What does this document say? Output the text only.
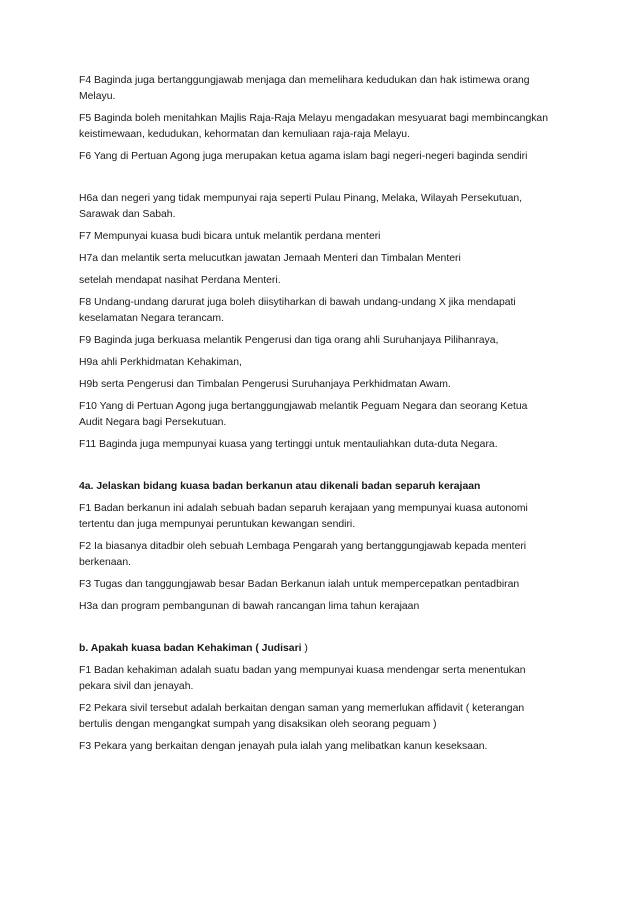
F4 Baginda juga bertanggungjawab menjaga dan memelihara kedudukan dan hak istimewa orang
Melayu.

F5 Baginda boleh menitahkan Majlis Raja-Raja Melayu mengadakan mesyuarat bagi membincangkan
keistimewaan, kedudukan, kehormatan dan kemuliaan raja-raja Melayu.

F6 Yang di Pertuan Agong juga merupakan ketua agama islam bagi negeri-negeri baginda sendiri

H6a dan negeri yang tidak mempunyai raja seperti Pulau Pinang, Melaka, Wilayah Persekutuan,
Sarawak dan Sabah.

F7 Mempunyai kuasa budi bicara untuk melantik perdana menteri

H7a dan melantik serta melucutkan jawatan Jemaah Menteri dan Timbalan Menteri

setelah mendapat nasihat Perdana Menteri.

F8 Undang-undang darurat juga boleh diisytiharkan di bawah undang-undang X jika mendapati
keselamatan Negara terancam.

F9 Baginda juga berkuasa melantik Pengerusi dan tiga orang ahli Suruhanjaya Pilihanraya,

H9a ahli Perkhidmatan Kehakiman,

H9b serta Pengerusi dan Timbalan Pengerusi Suruhanjaya Perkhidmatan Awam.

F10 Yang di Pertuan Agong juga bertanggungjawab melantik Peguam Negara dan seorang Ketua
Audit Negara bagi Persekutuan.

F11 Baginda juga mempunyai kuasa yang tertinggi untuk mentauliahkan duta-duta Negara.

4a. Jelaskan bidang kuasa badan berkanun atau dikenali badan separuh kerajaan

F1 Badan berkanun ini adalah sebuah badan separuh kerajaan yang mempunyai kuasa autonomi
tertentu dan juga mempunyai peruntukan kewangan sendiri.

F2 Ia biasanya ditadbir oleh sebuah Lembaga Pengarah yang bertanggungjawab kepada menteri
berkenaan.

F3 Tugas dan tanggungjawab besar Badan Berkanun ialah untuk mempercepatkan pentadbiran

H3a dan program pembangunan di bawah rancangan lima tahun kerajaan

b. Apakah kuasa badan Kehakiman ( Judisari )

F1 Badan kehakiman adalah suatu badan yang mempunyai kuasa mendengar serta menentukan
pekara sivil dan jenayah.

F2 Pekara sivil tersebut adalah berkaitan dengan saman yang memerlukan affidavit ( keterangan
bertulis dengan mengangkat sumpah yang disaksikan oleh seorang peguam )

F3 Pekara yang berkaitan dengan jenayah pula ialah yang melibatkan kanun keseksaan.
